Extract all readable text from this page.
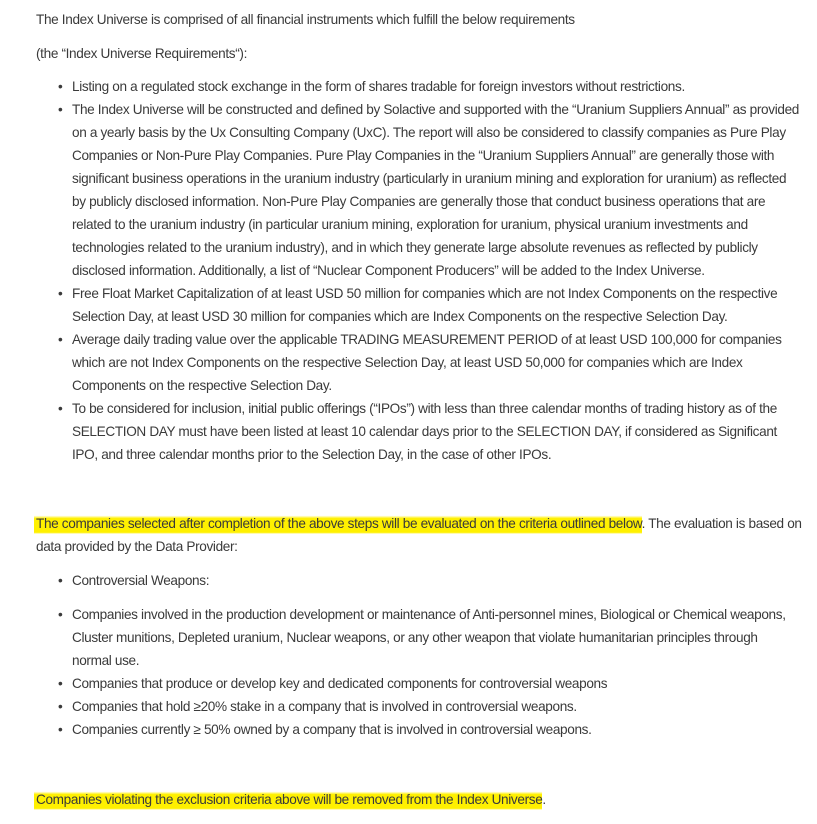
The Index Universe is comprised of all financial instruments which fulfill the below requirements

(the “Index Universe Requirements“):

• Listing on a regulated stock exchange in the form of shares tradable for foreign investors without restrictions.
• The Index Universe will be constructed and defined by Solactive and supported with the “Uranium Suppliers Annual” as provided on a yearly basis by the Ux Consulting Company (UxC). The report will also be considered to classify companies as Pure Play Companies or Non-Pure Play Companies. Pure Play Companies in the “Uranium Suppliers Annual” are generally those with significant business operations in the uranium industry (particularly in uranium mining and exploration for uranium) as reflected by publicly disclosed information. Non-Pure Play Companies are generally those that conduct business operations that are related to the uranium industry (in particular uranium mining, exploration for uranium, physical uranium investments and technologies related to the uranium industry), and in which they generate large absolute revenues as reflected by publicly disclosed information. Additionally, a list of “Nuclear Component Producers” will be added to the Index Universe.
• Free Float Market Capitalization of at least USD 50 million for companies which are not Index Components on the respective Selection Day, at least USD 30 million for companies which are Index Components on the respective Selection Day.
• Average daily trading value over the applicable TRADING MEASUREMENT PERIOD of at least USD 100,000 for companies which are not Index Components on the respective Selection Day, at least USD 50,000 for companies which are Index Components on the respective Selection Day.
• To be considered for inclusion, initial public offerings (“IPOs”) with less than three calendar months of trading history as of the SELECTION DAY must have been listed at least 10 calendar days prior to the SELECTION DAY, if considered as Significant IPO, and three calendar months prior to the Selection Day, in the case of other IPOs.

The companies selected after completion of the above steps will be evaluated on the criteria outlined below. The evaluation is based on data provided by the Data Provider:

• Controversial Weapons:
• Companies involved in the production development or maintenance of Anti-personnel mines, Biological or Chemical weapons, Cluster munitions, Depleted uranium, Nuclear weapons, or any other weapon that violate humanitarian principles through normal use.
• Companies that produce or develop key and dedicated components for controversial weapons
• Companies that hold ≥20% stake in a company that is involved in controversial weapons.
• Companies currently ≥ 50% owned by a company that is involved in controversial weapons.

Companies violating the exclusion criteria above will be removed from the Index Universe.
